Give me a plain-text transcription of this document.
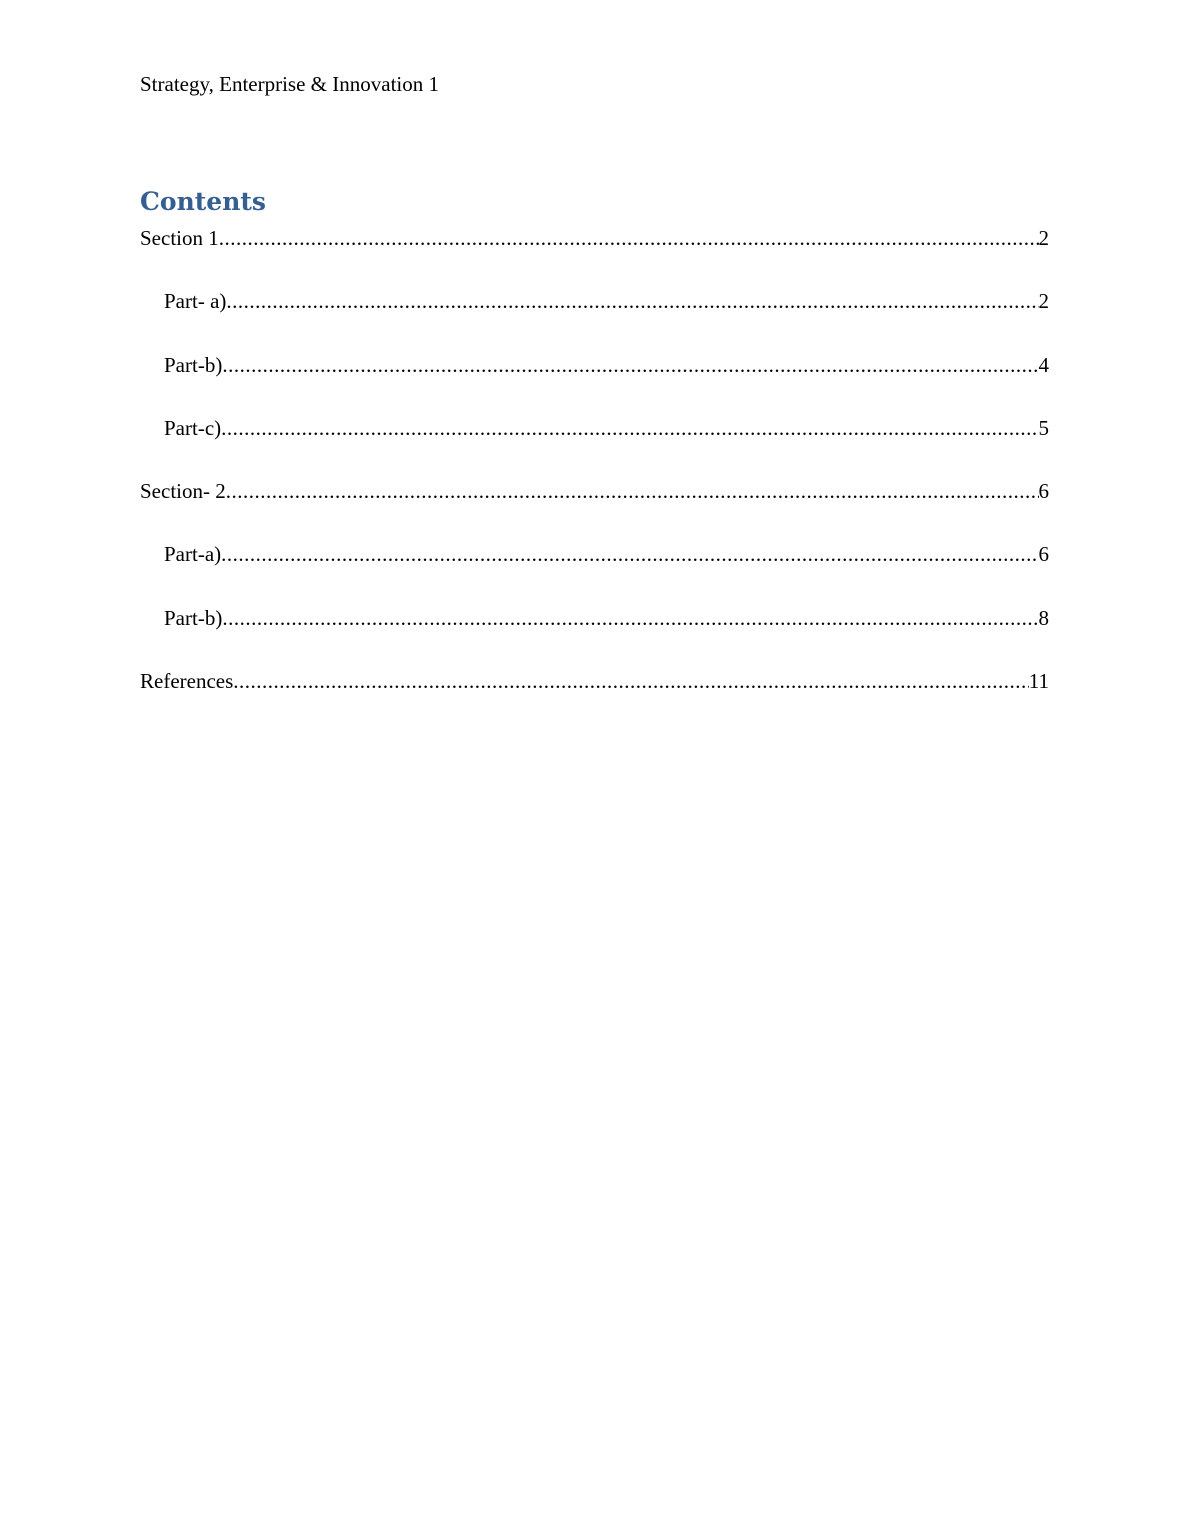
Strategy, Enterprise & Innovation 1
Contents
Section 1 .....	2
Part- a) .....	2
Part-b) .....	4
Part-c) .....	5
Section- 2 .....	6
Part-a) .....	6
Part-b) .....	8
References .....	11
